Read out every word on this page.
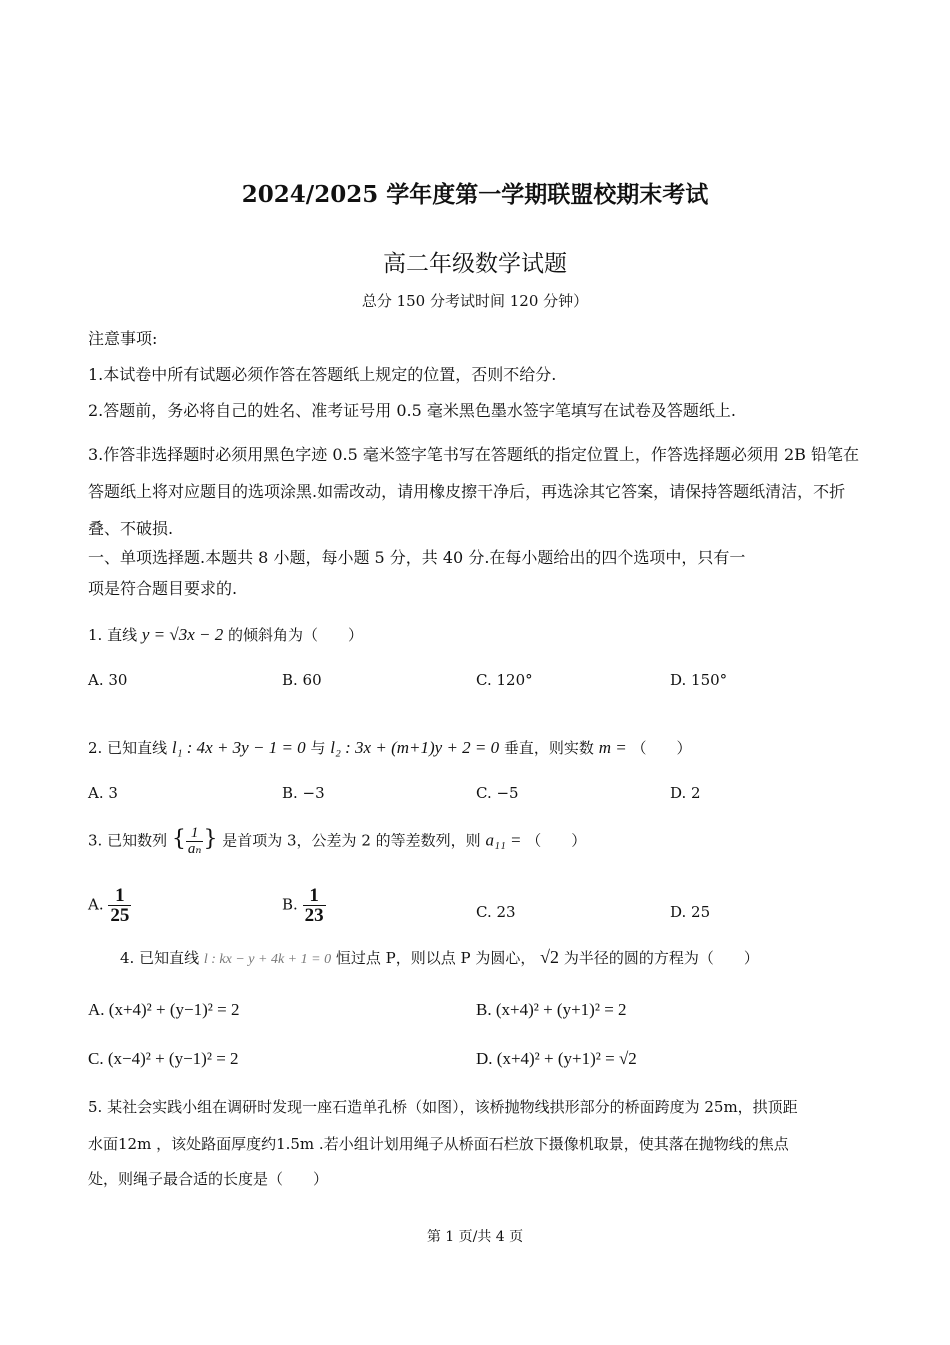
2024/2025 学年度第一学期联盟校期末考试
高二年级数学试题
总分 150 分考试时间 120 分钟）
注意事项:
1.本试卷中所有试题必须作答在答题纸上规定的位置，否则不给分.
2.答题前，务必将自己的姓名、准考证号用 0.5 毫米黑色墨水签字笔填写在试卷及答题纸上.
3.作答非选择题时必须用黑色字迹 0.5 毫米签字笔书写在答题纸的指定位置上，作答选择题必须用 2B 铅笔在答题纸上将对应题目的选项涂黑.如需改动，请用橡皮擦干净后，再选涂其它答案，请保持答题纸清洁，不折叠、不破损.
一、单项选择题.本题共 8 小题，每小题 5 分，共 40 分.在每小题给出的四个选项中，只有一
项是符合题目要求的.
1. 直线 y = √3x − 2 的倾斜角为（　　）
A. 30	B. 60	C. 120°	D. 150°
2. 已知直线 l₁ : 4x + 3y − 1 = 0 与 l₂ : 3x + (m+1)y + 2 = 0 垂直，则实数 m = （　　）
A. 3	B. −3	C. −5	D. 2
3. 已知数列 { $\frac{1}{\text{aₙ}}$ } 是首项为 3，公差为 2 的等差数列，则 a₁₁ = （　　）
A. $\frac{1}{25}$	B. $\frac{1}{23}$	C. 23	D. 25
4. 已知直线 l : kx − y + 4k + 1 = 0 恒过点 P，则以点 P 为圆心， √2 为半径的圆的方程为（　　）
A. (x+4)² + (y−1)² = 2	B. (x+4)² + (y+1)² = 2
C. (x−4)² + (y−1)² = 2	D. (x+4)² + (y+1)² = √2
5. 某社会实践小组在调研时发现一座石造单孔桥（如图），该桥抛物线拱形部分的桥面跨度为 25m，拱顶距
水面12m ，该处路面厚度约1.5m .若小组计划用绳子从桥面石栏放下摄像机取景，使其落在抛物线的焦点
处，则绳子最合适的长度是（　　）
第 1 页/共 4 页
